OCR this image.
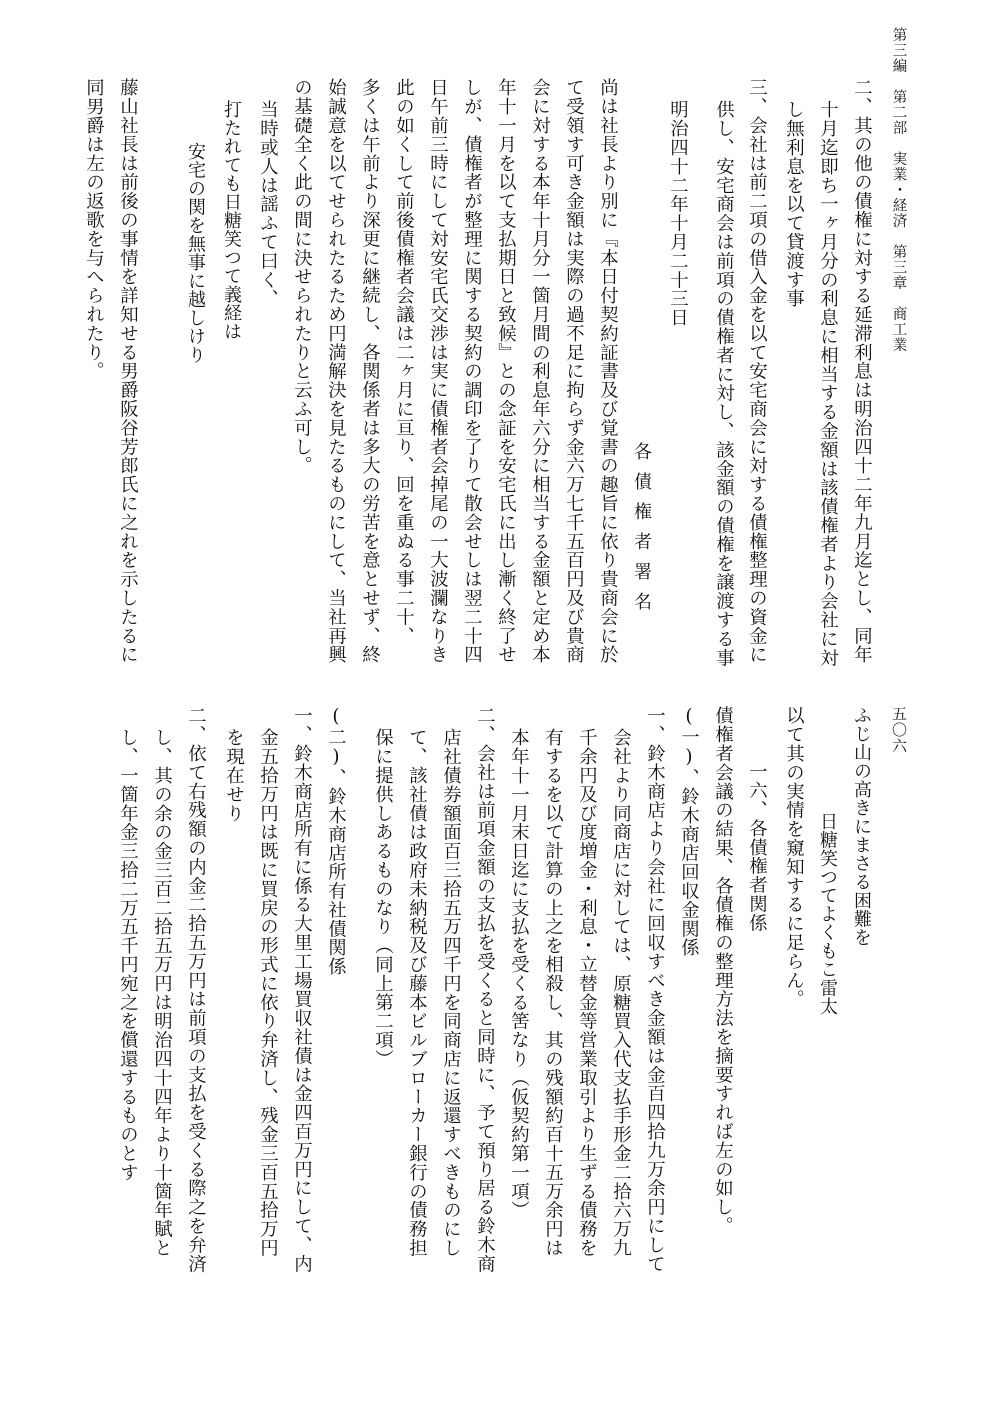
第三編　第二部　実業・経済　第三章　商工業
五〇六
二、其の他の債権に対する延滞利息は明治四十二年九月迄とし、同年
十月迄即ち一ヶ月分の利息に相当する金額は該債権者より会社に対
し無利息を以て貸渡す事
三、会社は前二項の借入金を以て安宅商会に対する債権整理の資金に
供し、安宅商会は前項の債権者に対し、該金額の債権を譲渡する事
明治四十二年十月二十三日
各債権者署名
尚は社長より別に『本日付契約証書及び覚書の趣旨に依り貴商会に於
て受領す可き金額は実際の過不足に拘らず金六万七千五百円及び貴商
会に対する本年十月分一箇月間の利息年六分に相当する金額と定め本
年十一月を以て支払期日と致候』との念証を安宅氏に出し漸く終了せ
しが、債権者が整理に関する契約の調印を了りて散会せしは翌二十四
日午前三時にして対安宅氏交渉は実に債権者会掉尾の一大波瀾なりき
此の如くして前後債権者会議は二ヶ月に亘り、回を重ぬる事二十、
多くは午前より深更に継続し、各関係者は多大の労苦を意とせず、終
始誠意を以てせられたるため円満解決を見たるものにして、当社再興
の基礎全く此の間に決せられたりと云ふ可し。
当時或人は謡ふて曰く、
打たれても日糖笑つて義経は
安宅の関を無事に越しけり
藤山社長は前後の事情を詳知せる男爵阪谷芳郎氏に之れを示したるに
同男爵は左の返歌を与へられたり。
ふじ山の高きにまさる困難を
日糖笑つてよくもこ雷太
以て其の実情を窺知するに足らん。
一六、各債権者関係
債権者会議の結果、各債権の整理方法を摘要すれば左の如し。
(一)、鈴木商店回収金関係
一、鈴木商店より会社に回収すべき金額は金百四拾九万余円にして
会社より同商店に対しては、原糖買入代支払手形金二拾六万九
千余円及び度増金・利息・立替金等営業取引より生ずる債務を
有するを以て計算の上之を相殺し、其の残額約百十五万余円は
本年十一月末日迄に支払を受くる筈なり（仮契約第一項）
二、会社は前項金額の支払を受くると同時に、予て預り居る鈴木商
店社債券額面百三拾五万四千円を同商店に返還すべきものにし
て、該社債は政府未納税及び藤本ビルブローカー銀行の債務担
保に提供しあるものなり（同上第二項）
(二)、鈴木商店所有社債関係
一、鈴木商店所有に係る大里工場買収社債は金四百万円にして、内
金五拾万円は既に買戻の形式に依り弁済し、残金三百五拾万円
を現在せり
二、依て右残額の内金二拾五万円は前項の支払を受くる際之を弁済
し、其の余の金三百二拾五万円は明治四十四年より十箇年賦と
し、一箇年金三拾二万五千円宛之を償還するものとす
